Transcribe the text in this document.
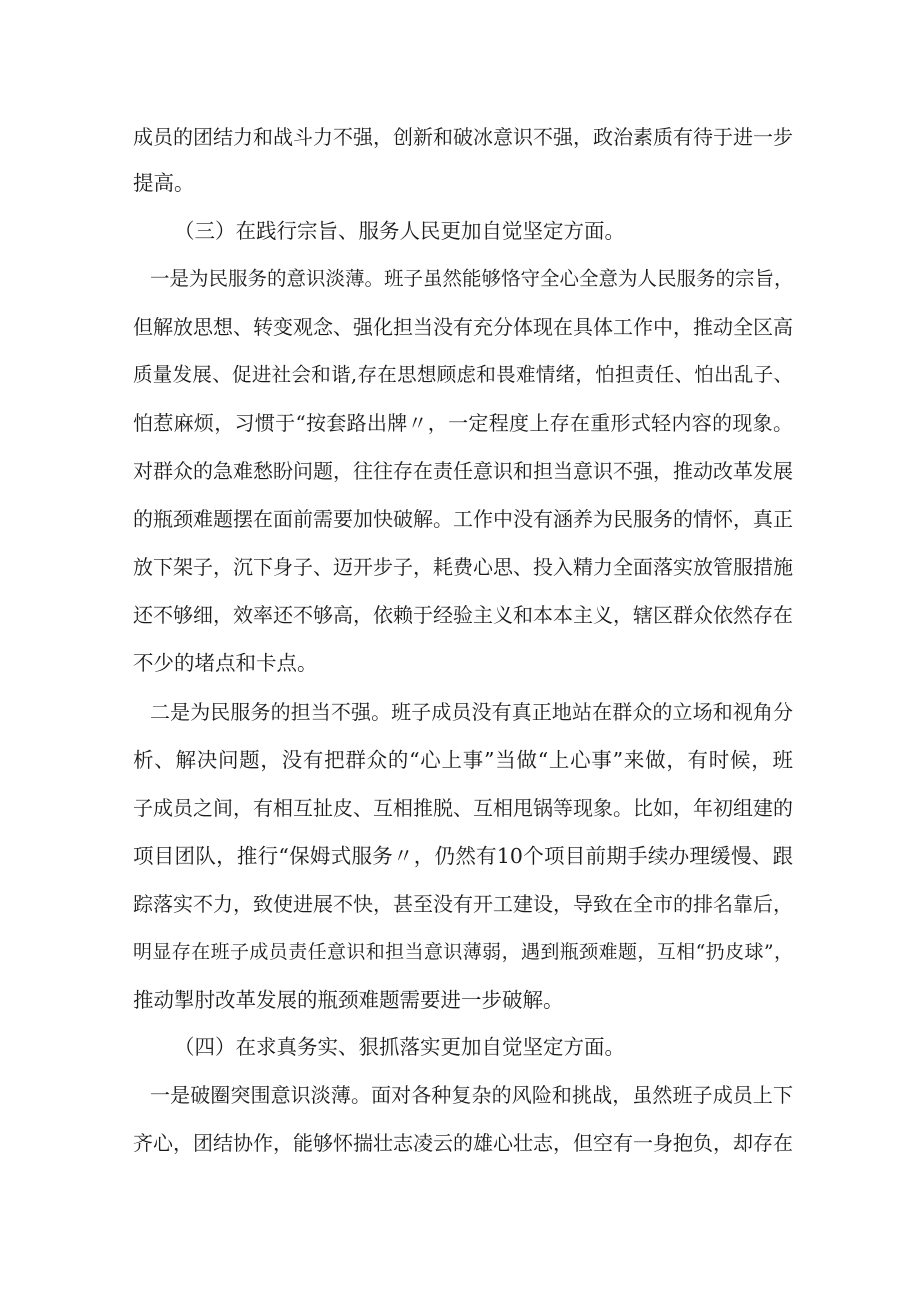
成员的团结力和战斗力不强，创新和破冰意识不强，政治素质有待于进一步

提高。

（三）在践行宗旨、服务人民更加自觉坚定方面。

一是为民服务的意识淡薄。班子虽然能够恪守全心全意为人民服务的宗旨，

但解放思想、转变观念、强化担当没有充分体现在具体工作中，推动全区高

质量发展、促进社会和谐,存在思想顾虑和畏难情绪，怕担责任、怕出乱子、

怕惹麻烦，习惯于“按套路出牌〃，一定程度上存在重形式轻内容的现象。

对群众的急难愁盼问题，往往存在责任意识和担当意识不强，推动改革发展

的瓶颈难题摆在面前需要加快破解。工作中没有涵养为民服务的情怀，真正

放下架子，沉下身子、迈开步子，耗费心思、投入精力全面落实放管服措施

还不够细，效率还不够高，依赖于经验主义和本本主义，辖区群众依然存在

不少的堵点和卡点。

二是为民服务的担当不强。班子成员没有真正地站在群众的立场和视角分

析、解决问题，没有把群众的“心上事”当做“上心事”来做，有时候，班

子成员之间，有相互扯皮、互相推脱、互相甩锅等现象。比如，年初组建的

项目团队，推行“保姆式服务〃，仍然有10个项目前期手续办理缓慢、跟

踪落实不力，致使进展不快，甚至没有开工建设，导致在全市的排名靠后，

明显存在班子成员责任意识和担当意识薄弱，遇到瓶颈难题，互相“扔皮球”，

推动掣肘改革发展的瓶颈难题需要进一步破解。

（四）在求真务实、狠抓落实更加自觉坚定方面。

一是破圈突围意识淡薄。面对各种复杂的风险和挑战，虽然班子成员上下

齐心，团结协作，能够怀揣壮志凌云的雄心壮志，但空有一身抱负，却存在
